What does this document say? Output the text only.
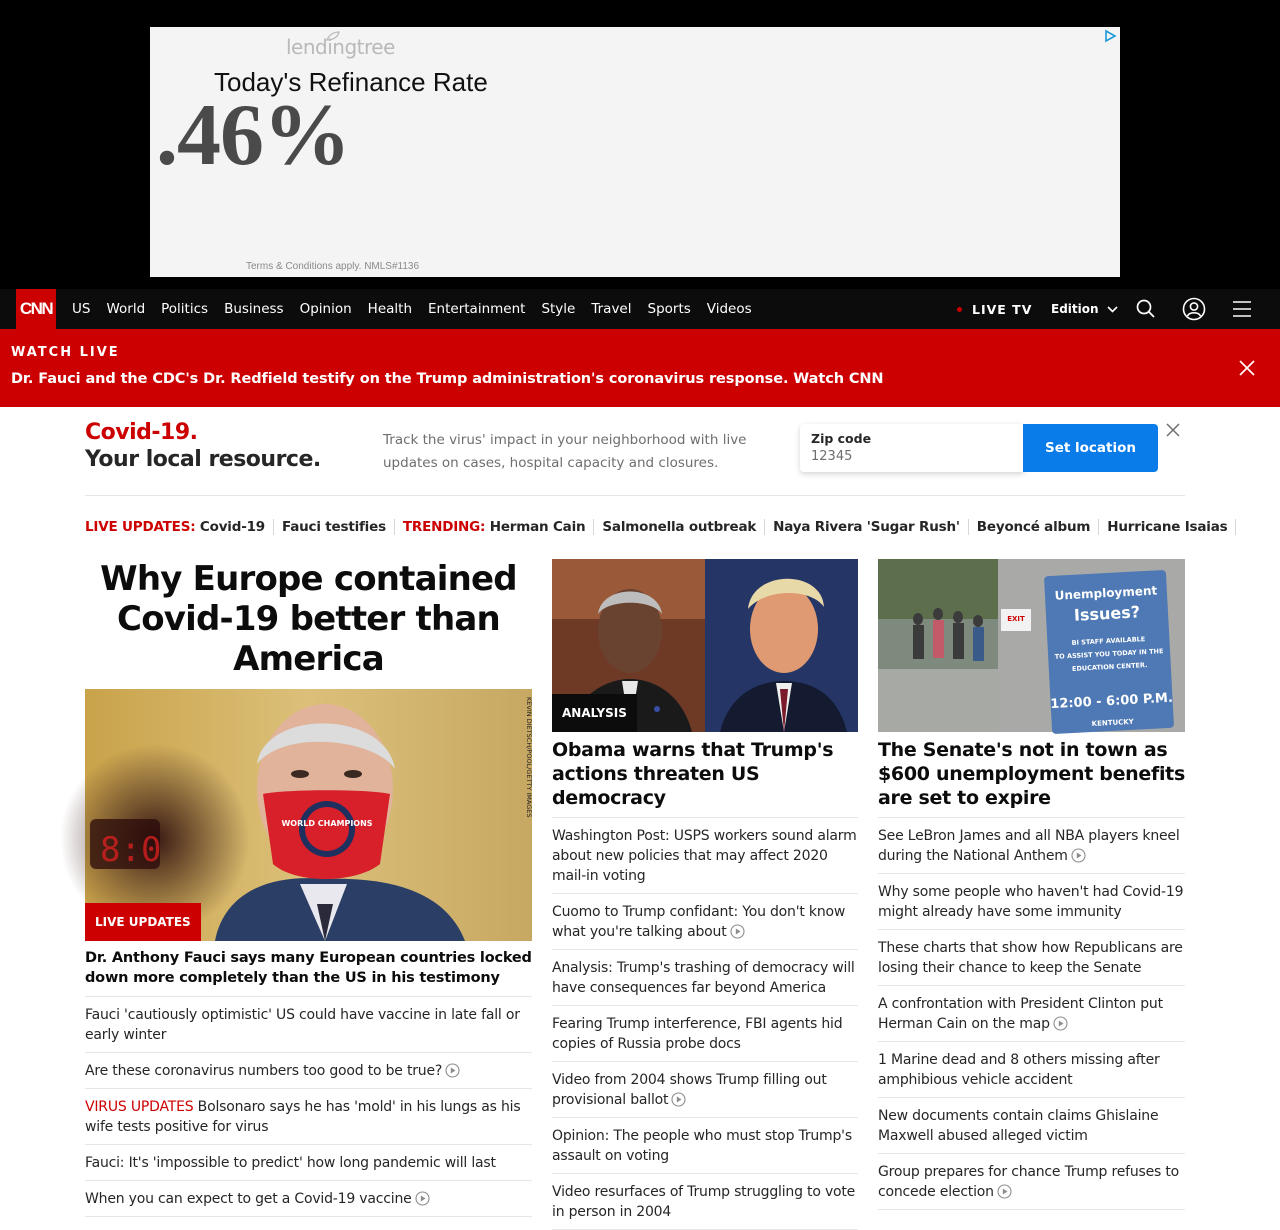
lendingtree
Today's Refinance Rate
.46%
Terms & Conditions apply. NMLS#1136
CNN	US	World	Politics	Business	Opinion	Health	Entertainment	Style	Travel	Sports	Videos	LIVE TV Edition
WATCH LIVE
Dr. Fauci and the CDC's Dr. Redfield testify on the Trump administration's coronavirus response. Watch CNN
Covid-19.
Your local resource.
Track the virus' impact in your neighborhood with live updates on cases, hospital capacity and closures.
Zip code
12345
Set location
LIVE UPDATES: Covid-19	Fauci testifies	TRENDING: Herman Cain	Salmonella outbreak	Naya Rivera 'Sugar Rush'	Beyoncé album	Hurricane Isaias
Why Europe contained Covid-19 better than America
8:0
WORLD CHAMPIONS
KEVIN DIETSCH/POOL/GETTY IMAGES
LIVE UPDATES
Dr. Anthony Fauci says many European countries locked down more completely than the US in his testimony
Fauci 'cautiously optimistic' US could have vaccine in late fall or early winter
Are these coronavirus numbers too good to be true?
VIRUS UPDATES Bolsonaro says he has 'mold' in his lungs as his wife tests positive for virus
Fauci: It's 'impossible to predict' how long pandemic will last
When you can expect to get a Covid-19 vaccine
ANALYSIS
Obama warns that Trump's actions threaten US democracy
Washington Post: USPS workers sound alarm about new policies that may affect 2020 mail-in voting
Cuomo to Trump confidant: You don't know what you're talking about
Analysis: Trump's trashing of democracy will have consequences far beyond America
Fearing Trump interference, FBI agents hid copies of Russia probe docs
Video from 2004 shows Trump filling out provisional ballot
Opinion: The people who must stop Trump's assault on voting
Video resurfaces of Trump struggling to vote in person in 2004
EXIT
Unemployment
Issues?
BI STAFF AVAILABLE
TO ASSIST YOU TODAY IN THE
EDUCATION CENTER.
12:00 - 6:00 P.M.
KENTUCKY
The Senate's not in town as $600 unemployment benefits are set to expire
See LeBron James and all NBA players kneel during the National Anthem
Why some people who haven't had Covid-19 might already have some immunity
These charts that show how Republicans are losing their chance to keep the Senate
A confrontation with President Clinton put Herman Cain on the map
1 Marine dead and 8 others missing after amphibious vehicle accident
New documents contain claims Ghislaine Maxwell abused alleged victim
Group prepares for chance Trump refuses to concede election
